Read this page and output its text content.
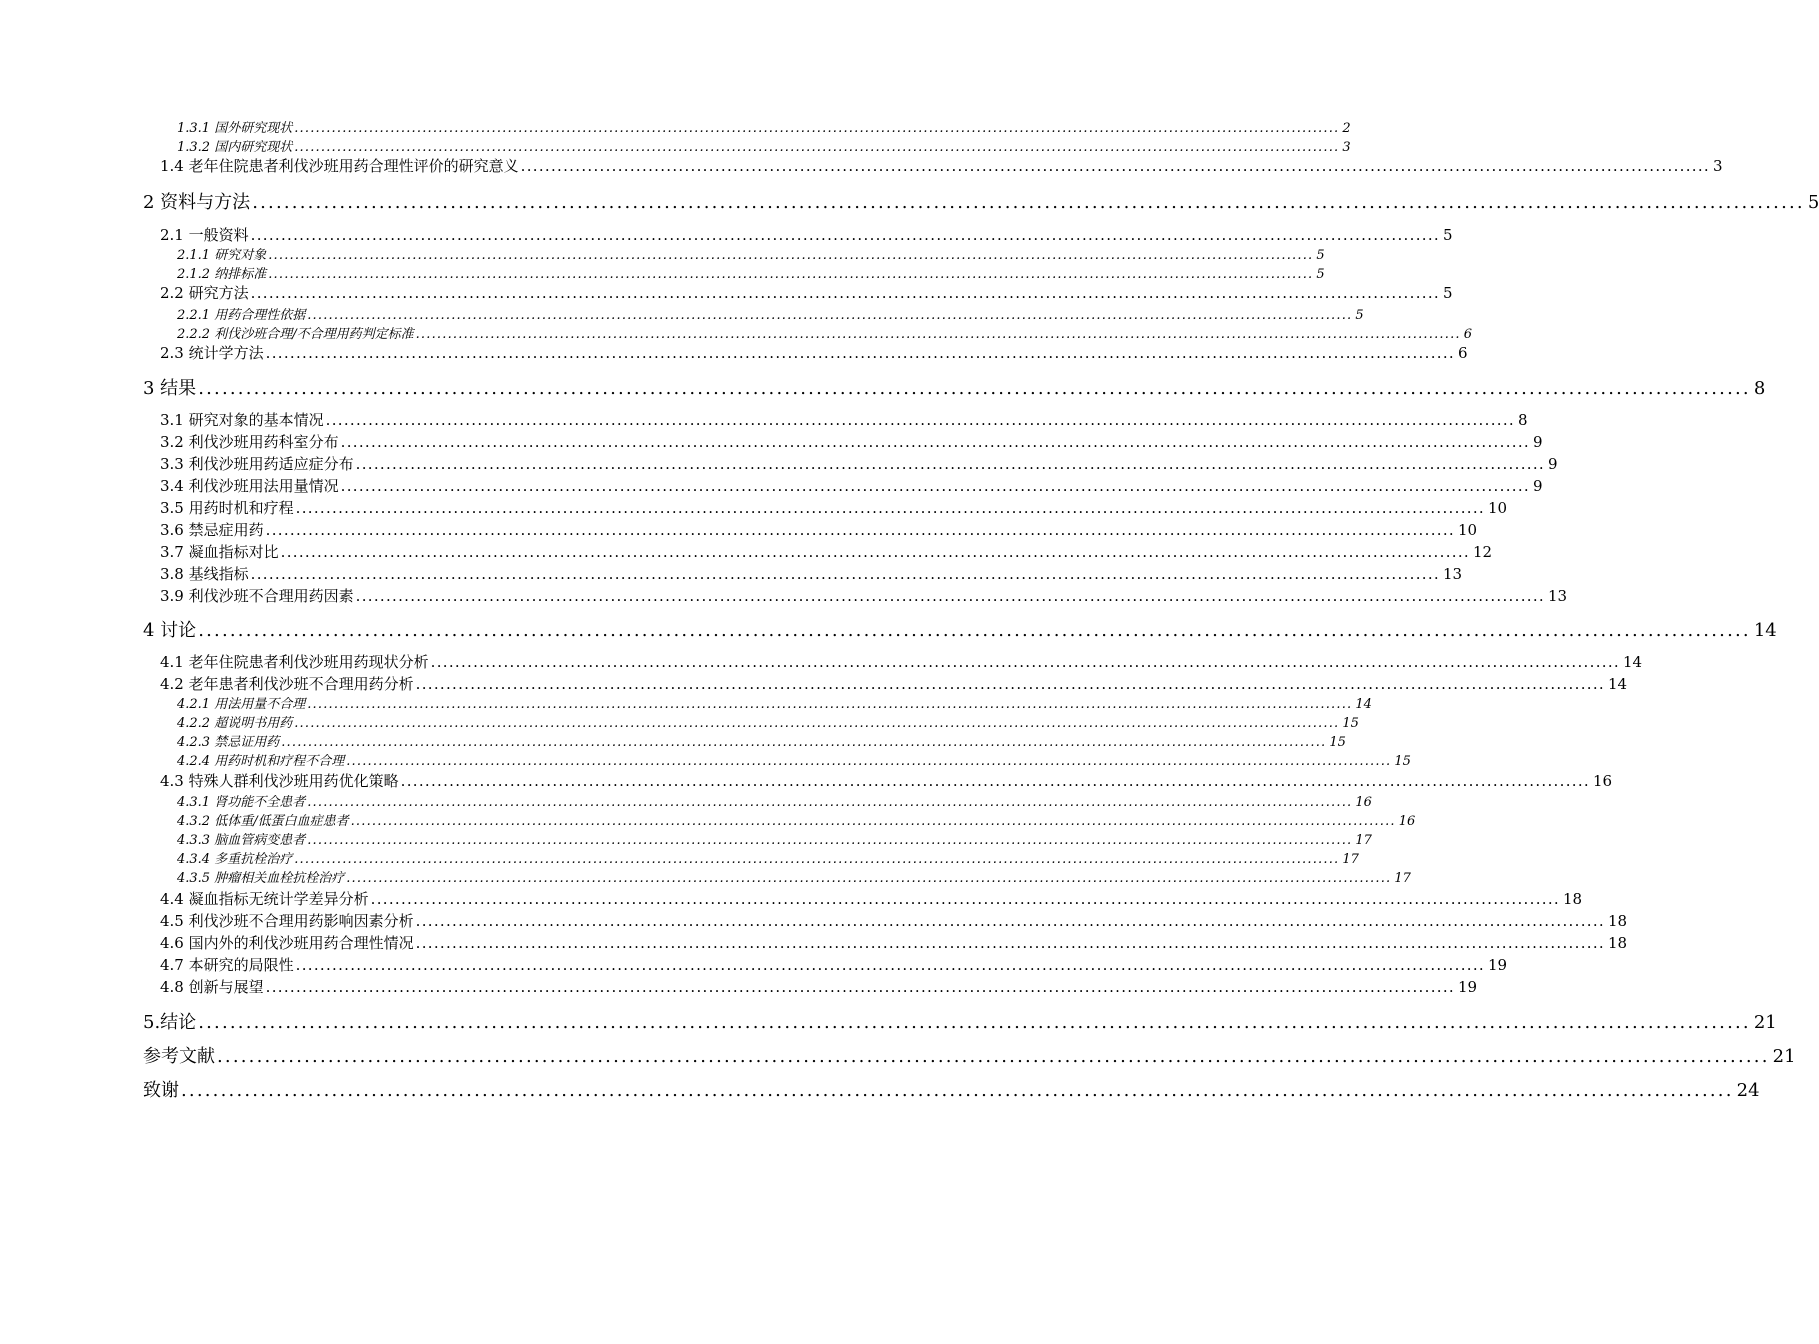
1.3.1 国外研究现状 .................................................................................................................................................................................................... 2
1.3.2 国内研究现状 .................................................................................................................................................................................................... 3
1.4 老年住院患者利伐沙班用药合理性评价的研究意义 .................................................................................................................................................................................................... 3
2 资料与方法 .................................................................................................................................................................................................... 5
2.1 一般资料 .................................................................................................................................................................................................... 5
2.1.1 研究对象 .................................................................................................................................................................................................... 5
2.1.2 纳排标准 .................................................................................................................................................................................................... 5
2.2 研究方法 .................................................................................................................................................................................................... 5
2.2.1 用药合理性依据 .................................................................................................................................................................................................... 5
2.2.2 利伐沙班合理/不合理用药判定标准 .................................................................................................................................................................................................... 6
2.3 统计学方法 .................................................................................................................................................................................................... 6
3 结果 .................................................................................................................................................................................................... 8
3.1 研究对象的基本情况 .................................................................................................................................................................................................... 8
3.2 利伐沙班用药科室分布 .................................................................................................................................................................................................... 9
3.3 利伐沙班用药适应症分布 .................................................................................................................................................................................................... 9
3.4 利伐沙班用法用量情况 .................................................................................................................................................................................................... 9
3.5 用药时机和疗程 .................................................................................................................................................................................................... 10
3.6 禁忌症用药 .................................................................................................................................................................................................... 10
3.7 凝血指标对比 .................................................................................................................................................................................................... 12
3.8 基线指标 .................................................................................................................................................................................................... 13
3.9 利伐沙班不合理用药因素 .................................................................................................................................................................................................... 13
4 讨论 .................................................................................................................................................................................................... 14
4.1 老年住院患者利伐沙班用药现状分析 .................................................................................................................................................................................................... 14
4.2 老年患者利伐沙班不合理用药分析 .................................................................................................................................................................................................... 14
4.2.1 用法用量不合理 .................................................................................................................................................................................................... 14
4.2.2 超说明书用药 .................................................................................................................................................................................................... 15
4.2.3 禁忌证用药 .................................................................................................................................................................................................... 15
4.2.4 用药时机和疗程不合理 .................................................................................................................................................................................................... 15
4.3 特殊人群利伐沙班用药优化策略 .................................................................................................................................................................................................... 16
4.3.1 肾功能不全患者 .................................................................................................................................................................................................... 16
4.3.2 低体重/低蛋白血症患者 .................................................................................................................................................................................................... 16
4.3.3 脑血管病变患者 .................................................................................................................................................................................................... 17
4.3.4 多重抗栓治疗 .................................................................................................................................................................................................... 17
4.3.5 肿瘤相关血栓抗栓治疗 .................................................................................................................................................................................................... 17
4.4 凝血指标无统计学差异分析 .................................................................................................................................................................................................... 18
4.5 利伐沙班不合理用药影响因素分析 .................................................................................................................................................................................................... 18
4.6 国内外的利伐沙班用药合理性情况 .................................................................................................................................................................................................... 18
4.7 本研究的局限性 .................................................................................................................................................................................................... 19
4.8 创新与展望 .................................................................................................................................................................................................... 19
5.结论 .................................................................................................................................................................................................... 21
参考文献 .................................................................................................................................................................................................... 21
致谢 .................................................................................................................................................................................................... 24
